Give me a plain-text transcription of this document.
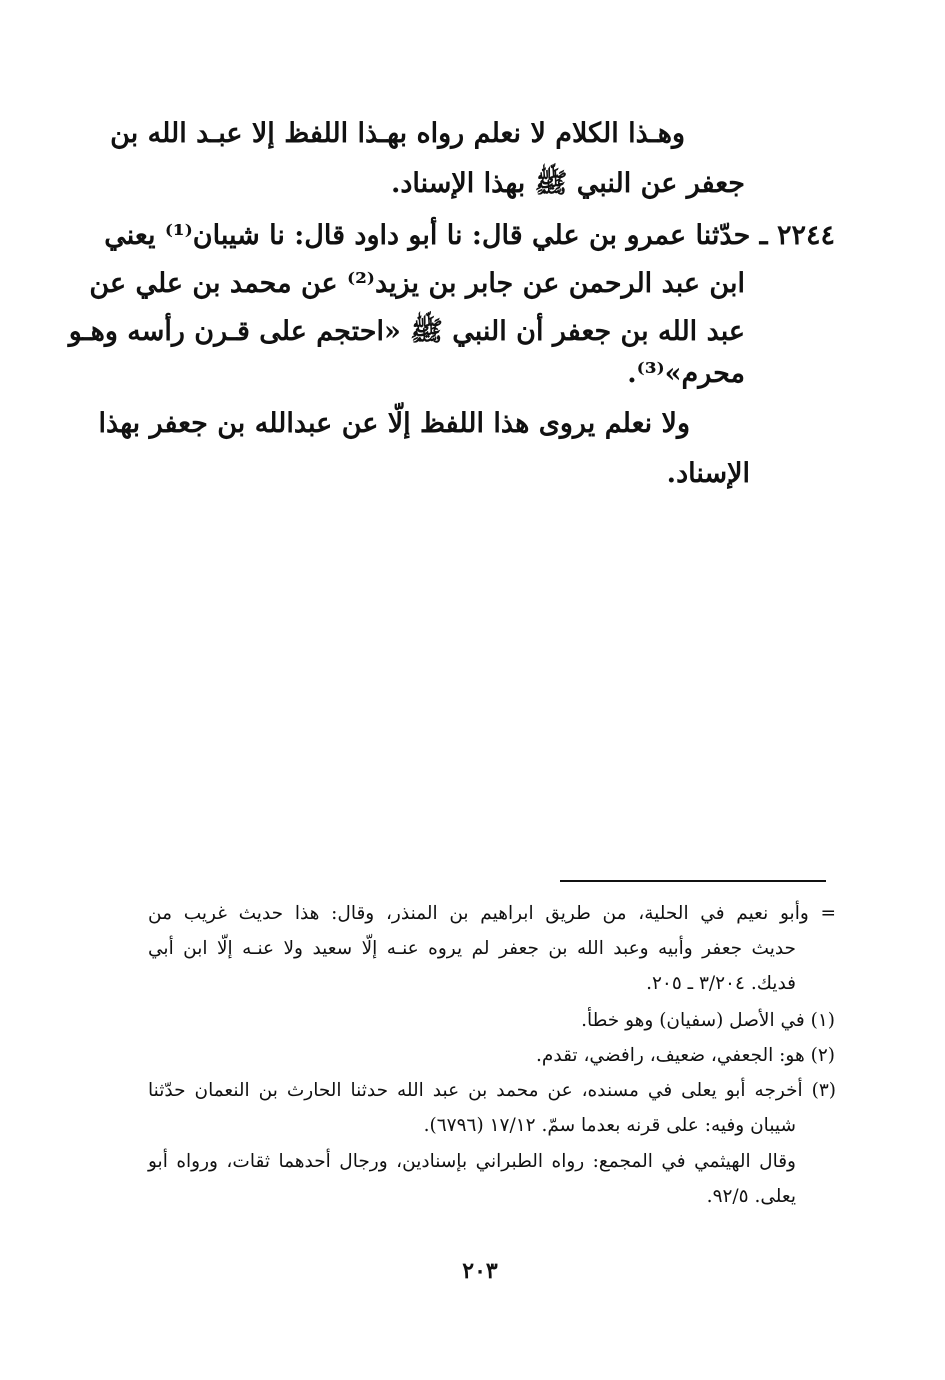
وهـذا الكلام لا نعلم رواه بهـذا اللفظ إلا عبـد الله بن
جعفر عن النبي ﷺ بهذا الإسناد.
٢٢٤٤ ـ حدّثنا عمرو بن علي قال: نا أبو داود قال: نا شيبان⁽¹⁾ يعني
ابن عبد الرحمن عن جابر بن يزيد⁽²⁾ عن محمد بن علي عن
عبد الله بن جعفر أن النبي ﷺ «احتجم على قـرن رأسه وهـو
محرم»⁽³⁾.
ولا نعلم يروى هذا اللفظ إلّا عن عبدالله بن جعفر بهذا
الإسناد.
= وأبو نعيم في الحلية، من طريق ابراهيم بن المنذر، وقال: هذا حديث غريب من
حديث جعفر وأبيه وعبد الله بن جعفر لم يروه عنـه إلّا سعيد ولا عنـه إلّا ابن أبي
فديك. ٣/٢٠٤ ـ ٢٠٥.
(١) في الأصل (سفيان) وهو خطأ.
(٢) هو: الجعفي، ضعيف، رافضي، تقدم.
(٣) أخرجه أبو يعلى في مسنده، عن محمد بن عبد الله حدثنا الحارث بن النعمان حدّثنا
شيبان وفيه: على قرنه بعدما سمّ. ١٧/١٢ (٦٧٩٦).
وقال الهيثمي في المجمع: رواه الطبراني بإسنادين، ورجال أحدهما ثقات، ورواه أبو
يعلى. ٩٢/٥.
٢٠٣
